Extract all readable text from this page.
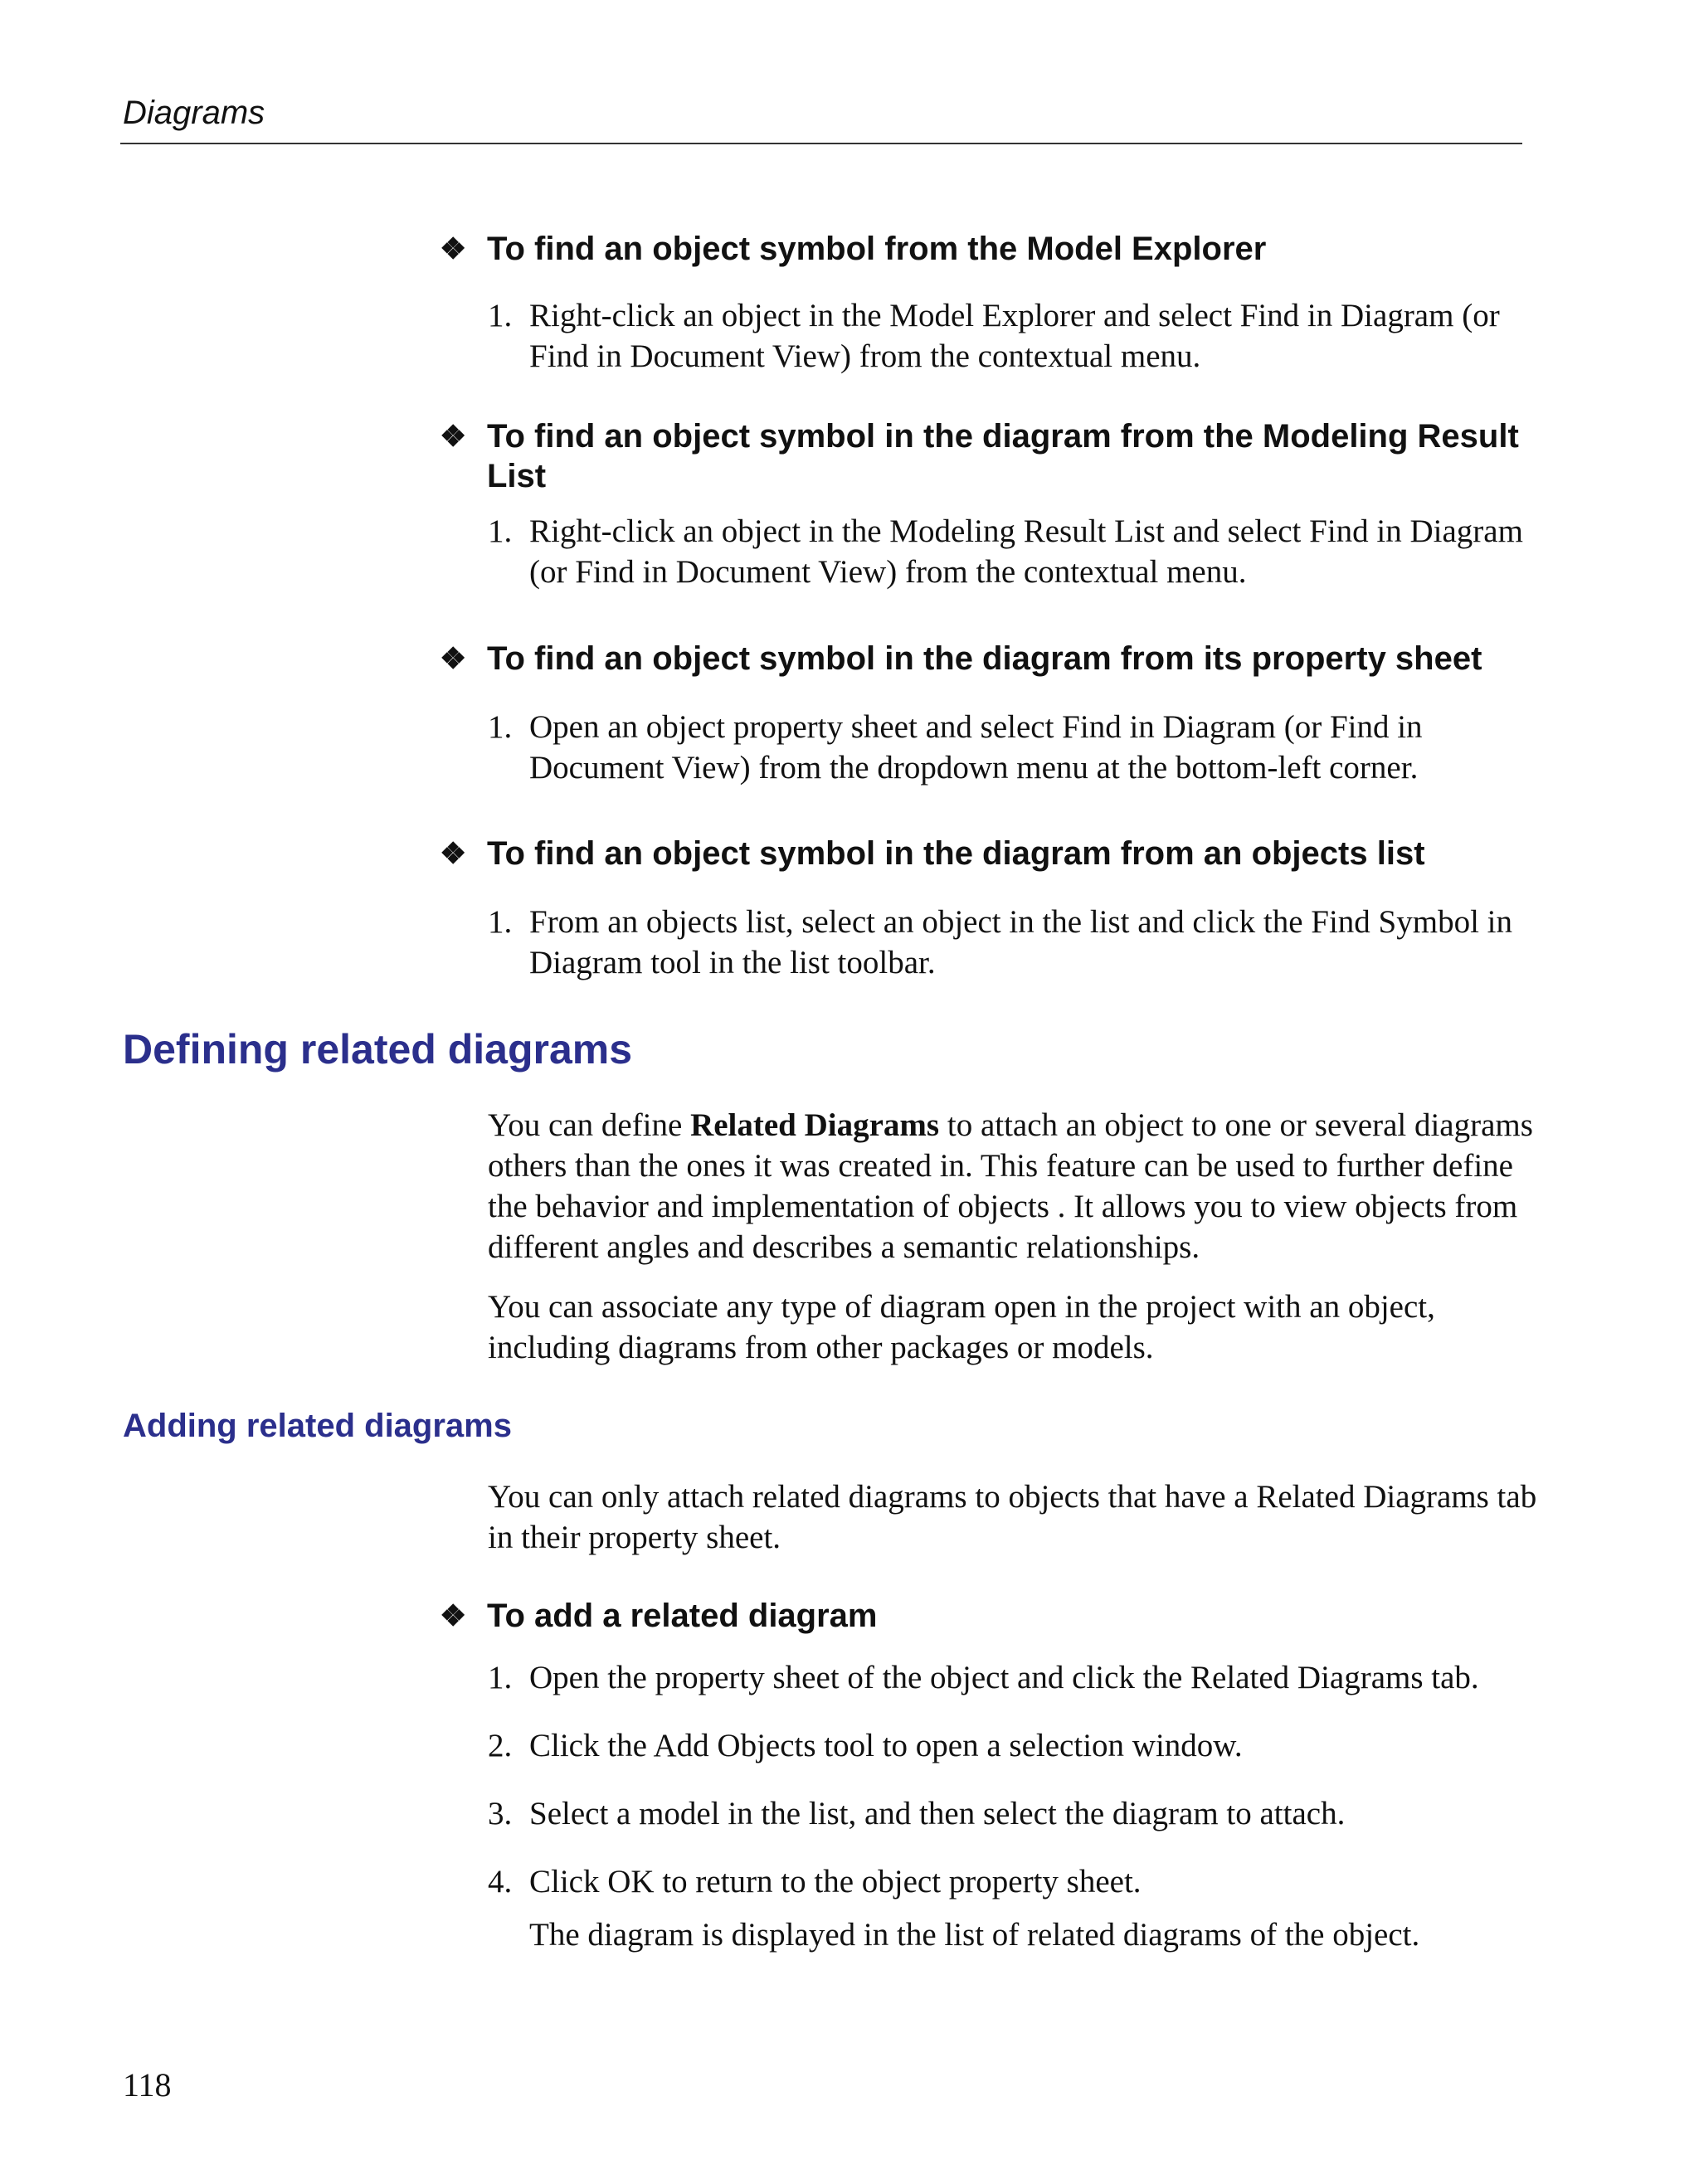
Diagrams
❖ To find an object symbol from the Model Explorer
1. Right-click an object in the Model Explorer and select Find in Diagram (or Find in Document View) from the contextual menu.
❖ To find an object symbol in the diagram from the Modeling Result List
1. Right-click an object in the Modeling Result List and select Find in Diagram (or Find in Document View) from the contextual menu.
❖ To find an object symbol in the diagram from its property sheet
1. Open an object property sheet and select Find in Diagram (or Find in Document View) from the dropdown menu at the bottom-left corner.
❖ To find an object symbol in the diagram from an objects list
1. From an objects list, select an object in the list and click the Find Symbol in Diagram tool in the list toolbar.
Defining related diagrams
You can define Related Diagrams to attach an object to one or several diagrams others than the ones it was created in. This feature can be used to further define the behavior and implementation of objects . It allows you to view objects from different angles and describes a semantic relationships.
You can associate any type of diagram open in the project with an object, including diagrams from other packages or models.
Adding related diagrams
You can only attach related diagrams to objects that have a Related Diagrams tab in their property sheet.
❖ To add a related diagram
1. Open the property sheet of the object and click the Related Diagrams tab.
2. Click the Add Objects tool to open a selection window.
3. Select a model in the list, and then select the diagram to attach.
4. Click OK to return to the object property sheet.
The diagram is displayed in the list of related diagrams of the object.
118
